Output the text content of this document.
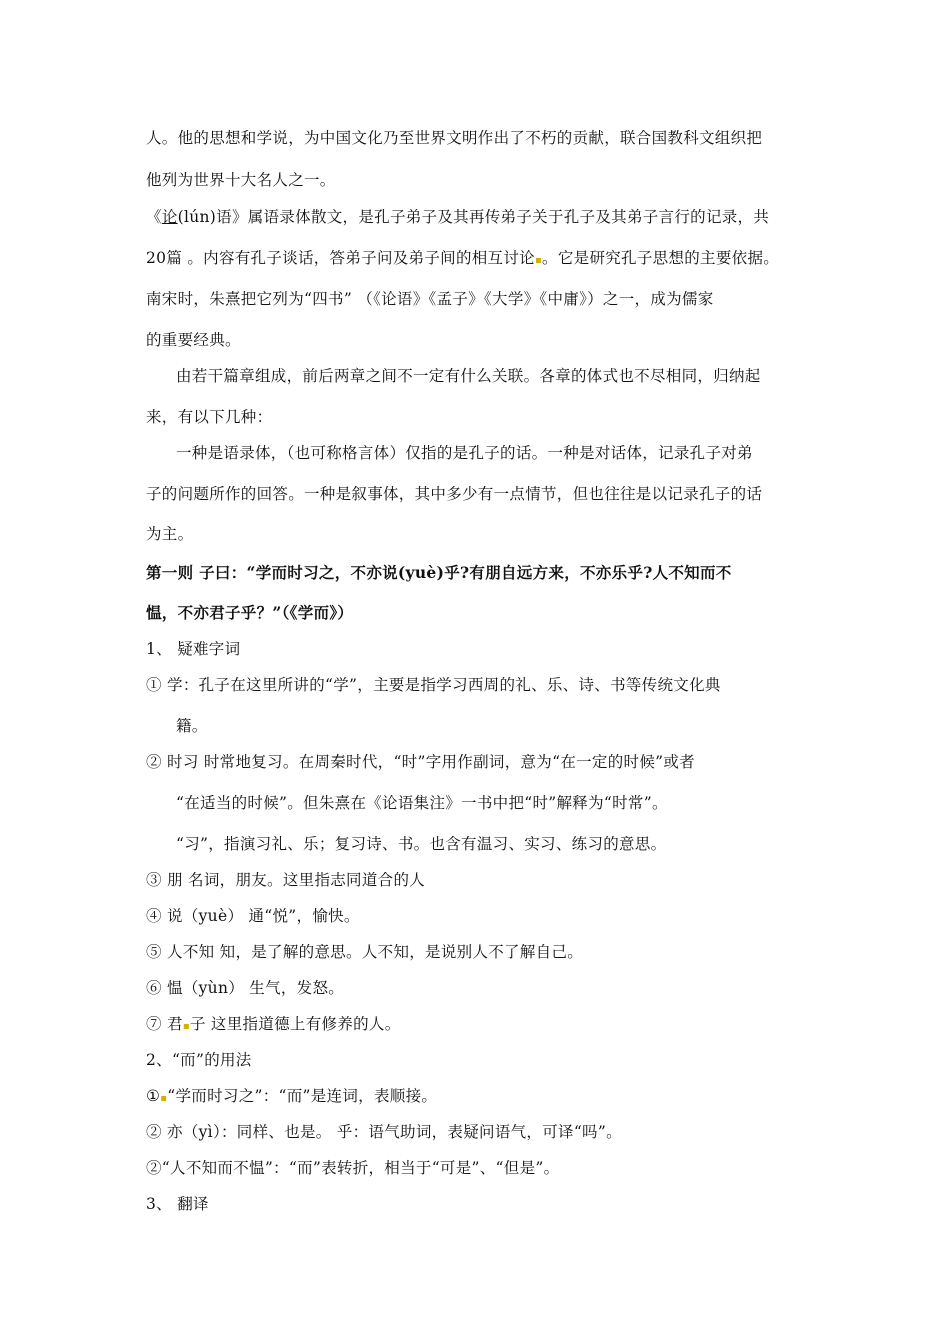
人。他的思想和学说，为中国文化乃至世界文明作出了不朽的贡献，联合国教科文组织把
他列为世界十大名人之一。
《论(lún)语》属语录体散文，是孔子弟子及其再传弟子关于孔子及其弟子言行的记录，共
20篇 。内容有孔子谈话，答弟子问及弟子间的相互讨论▪。它是研究孔子思想的主要依据。
南宋时，朱熹把它列为“四书” （《论语》《孟子》《大学》《中庸》）之一，成为儒家
的重要经典。
由若干篇章组成，前后两章之间不一定有什么关联。各章的体式也不尽相同，归纳起
来，有以下几种：
一种是语录体，（也可称格言体）仅指的是孔子的话。一种是对话体，记录孔子对弟
子的问题所作的回答。一种是叙事体，其中多少有一点情节，但也往往是以记录孔子的话
为主。
第一则 子曰：“学而时习之，不亦说(yuè)乎?有朋自远方来，不亦乐乎?人不知而不
愠，不亦君子乎？”（《学而》）
1、 疑难字词
① 学：孔子在这里所讲的“学”，主要是指学习西周的礼、乐、诗、书等传统文化典
籍。
② 时习 时常地复习。在周秦时代，“时”字用作副词，意为“在一定的时候”或者
“在适当的时候”。但朱熹在《论语集注》一书中把“时”解释为“时常”。
“习”，指演习礼、乐；复习诗、书。也含有温习、实习、练习的意思。
③ 朋 名词，朋友。这里指志同道合的人
④ 说（yuè） 通“悦”，愉快。
⑤ 人不知 知，是了解的意思。人不知，是说别人不了解自己。
⑥ 愠（yùn） 生气，发怒。
⑦ 君▪子 这里指道德上有修养的人。
2、“而”的用法
①▪“学而时习之”：“而”是连词，表顺接。
② 亦（yì）：同样、也是。 乎：语气助词，表疑问语气，可译“吗”。
②“人不知而不愠”：“而”表转折，相当于“可是”、“但是”。
3、 翻译
